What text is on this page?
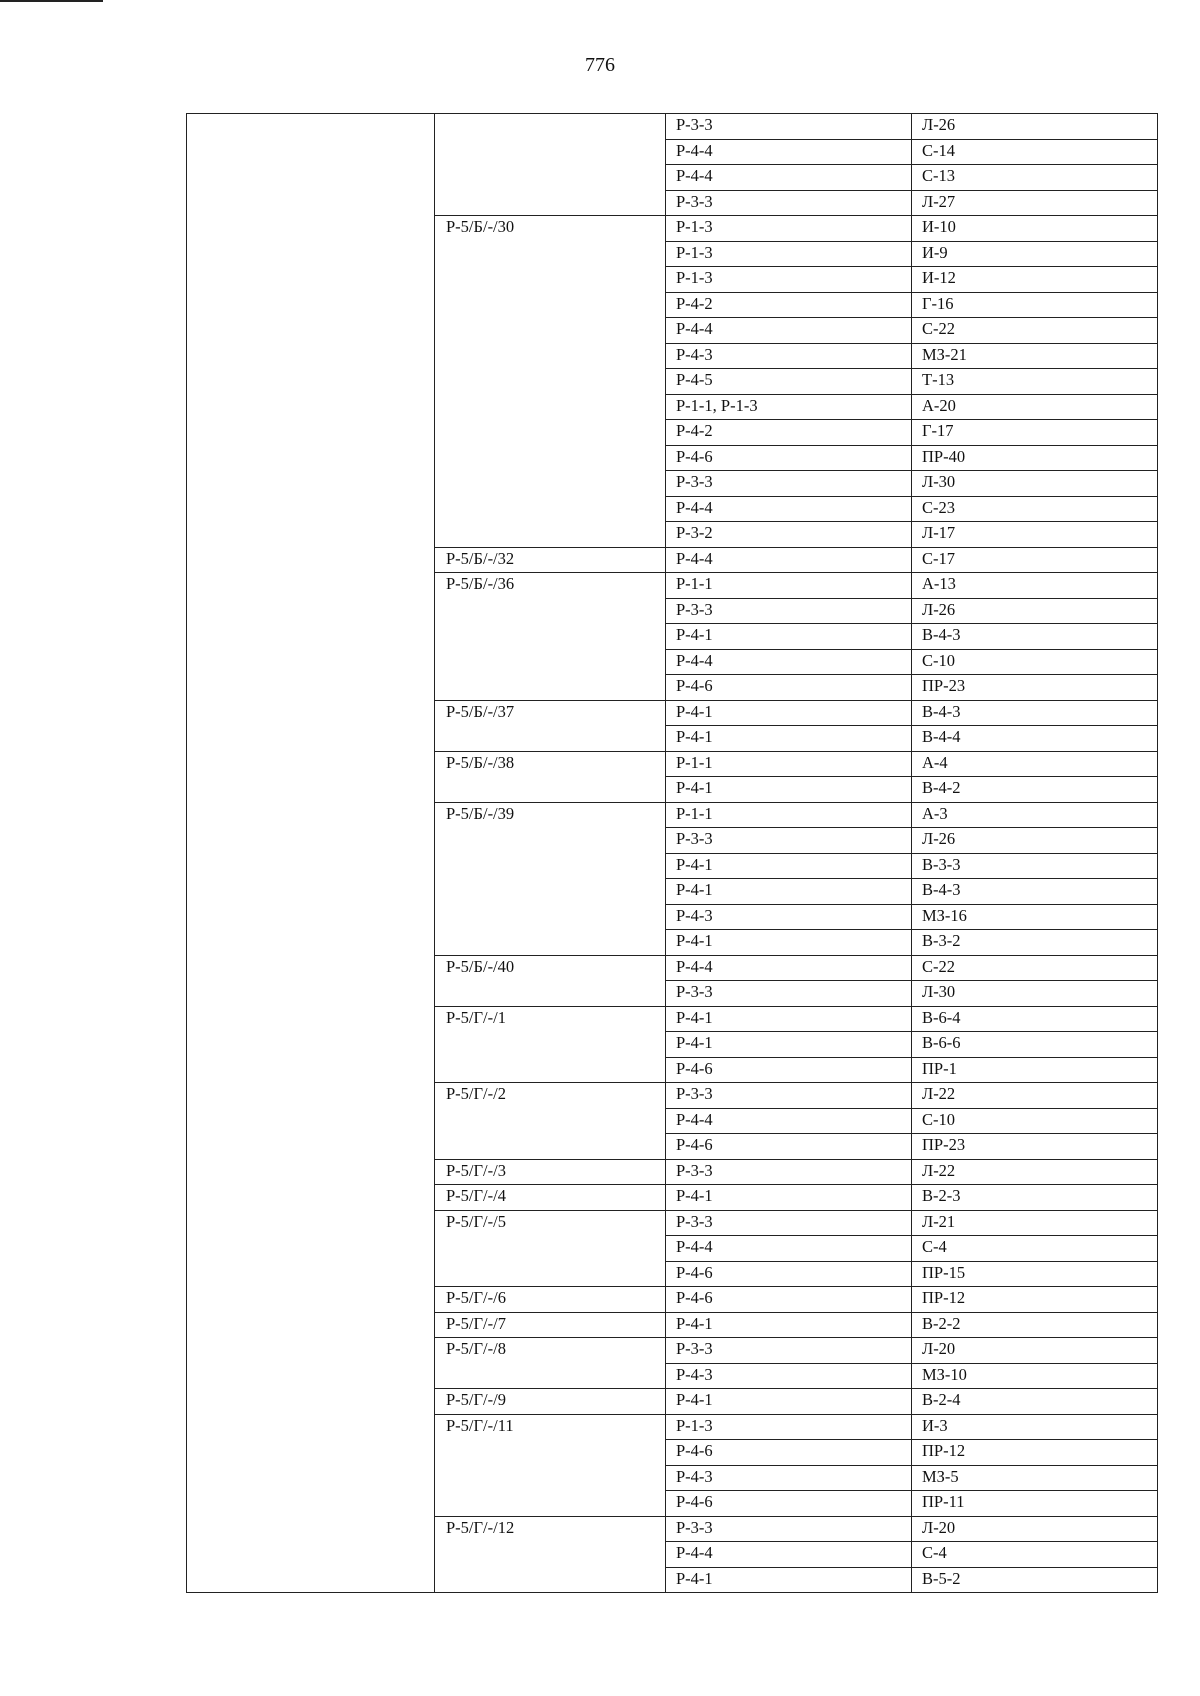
776
		Р-3-3	Л-26
		Р-4-4	С-14
		Р-4-4	С-13
		Р-3-3	Л-27
	Р-5/Б/-/30	Р-1-3	И-10
		Р-1-3	И-9
		Р-1-3	И-12
		Р-4-2	Г-16
		Р-4-4	С-22
		Р-4-3	МЗ-21
		Р-4-5	Т-13
		Р-1-1, Р-1-3	А-20
		Р-4-2	Г-17
		Р-4-6	ПР-40
		Р-3-3	Л-30
		Р-4-4	С-23
		Р-3-2	Л-17
	Р-5/Б/-/32	Р-4-4	С-17
	Р-5/Б/-/36	Р-1-1	А-13
		Р-3-3	Л-26
		Р-4-1	В-4-3
		Р-4-4	С-10
		Р-4-6	ПР-23
	Р-5/Б/-/37	Р-4-1	В-4-3
		Р-4-1	В-4-4
	Р-5/Б/-/38	Р-1-1	А-4
		Р-4-1	В-4-2
	Р-5/Б/-/39	Р-1-1	А-3
		Р-3-3	Л-26
		Р-4-1	В-3-3
		Р-4-1	В-4-3
		Р-4-3	МЗ-16
		Р-4-1	В-3-2
	Р-5/Б/-/40	Р-4-4	С-22
		Р-3-3	Л-30
	Р-5/Г/-/1	Р-4-1	В-6-4
		Р-4-1	В-6-6
		Р-4-6	ПР-1
	Р-5/Г/-/2	Р-3-3	Л-22
		Р-4-4	С-10
		Р-4-6	ПР-23
	Р-5/Г/-/3	Р-3-3	Л-22
	Р-5/Г/-/4	Р-4-1	В-2-3
	Р-5/Г/-/5	Р-3-3	Л-21
		Р-4-4	С-4
		Р-4-6	ПР-15
	Р-5/Г/-/6	Р-4-6	ПР-12
	Р-5/Г/-/7	Р-4-1	В-2-2
	Р-5/Г/-/8	Р-3-3	Л-20
		Р-4-3	МЗ-10
	Р-5/Г/-/9	Р-4-1	В-2-4
	Р-5/Г/-/11	Р-1-3	И-3
		Р-4-6	ПР-12
		Р-4-3	МЗ-5
		Р-4-6	ПР-11
	Р-5/Г/-/12	Р-3-3	Л-20
		Р-4-4	С-4
		Р-4-1	В-5-2
